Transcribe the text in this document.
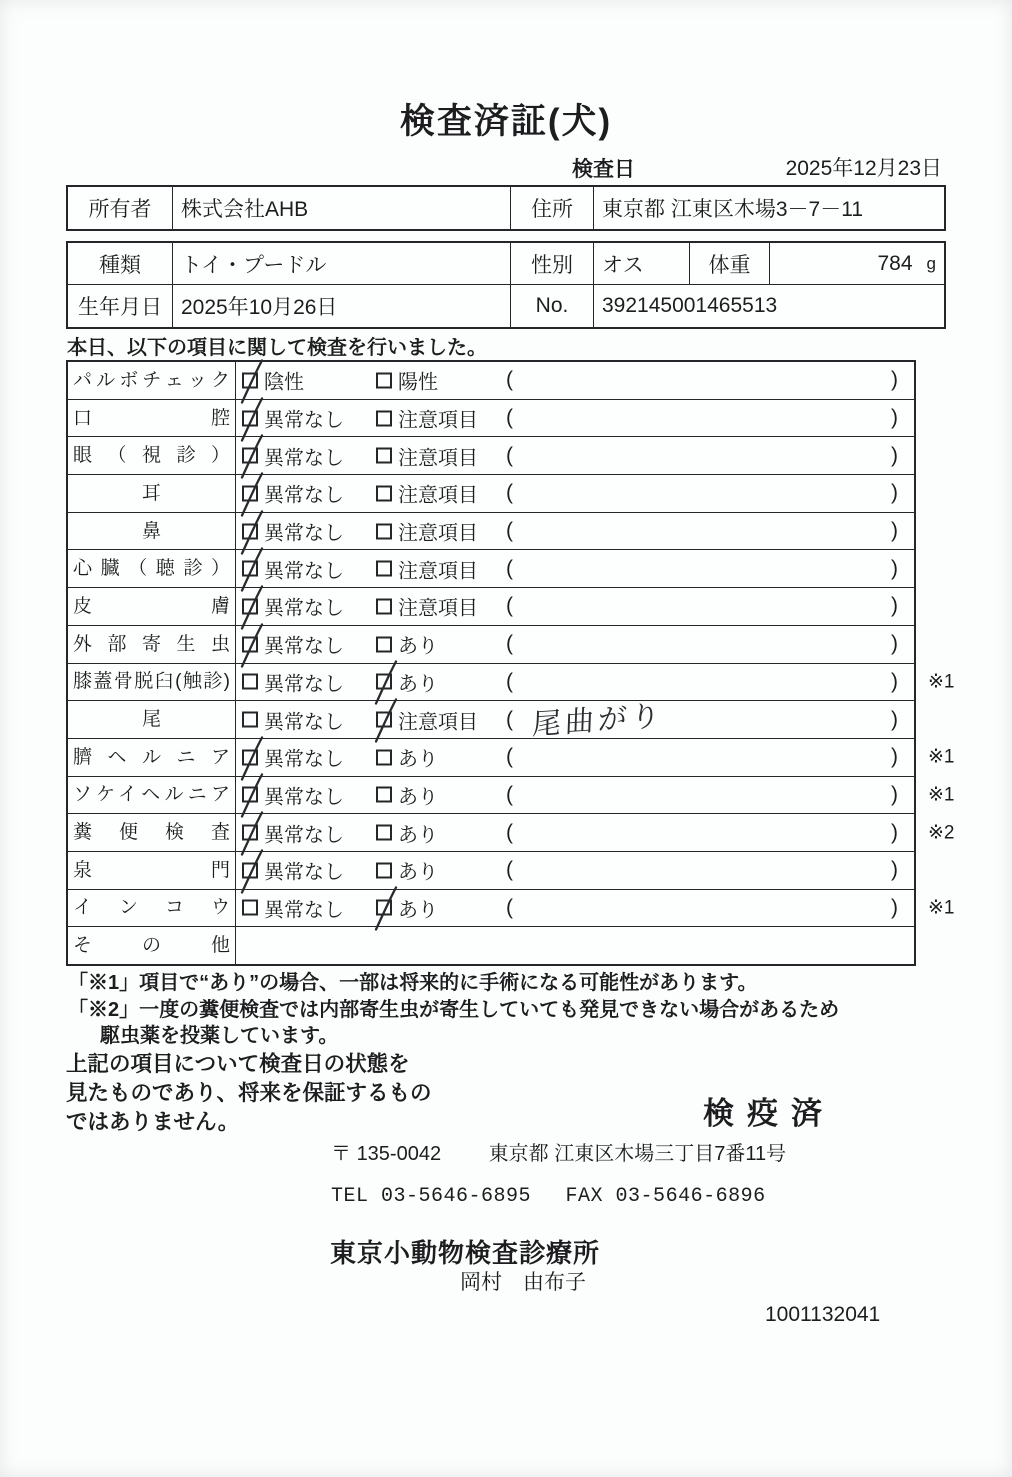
検査済証(犬)
検査日	2025年12月23日
所有者	株式会社AHB	住所	東京都 江東区木場3－7－11
種類	トイ・プードル	性別	オス	体重	784 g
生年月日 2025年10月26日	No.	392145001465513
本日、以下の項目に関して検査を行いました。
パルボチェック	陰性	陽性	(	)
口腔	異常なし	注意項目 (	)
眼（視診）	異常なし	注意項目 (	)
耳	異常なし	注意項目 (	)
鼻	異常なし	注意項目 (	)
心臓（聴診）	異常なし	注意項目 (	)
皮膚	異常なし	注意項目 (	)
外部寄生虫	異常なし	あり	(	)
膝蓋骨脱臼(触診)	異常なし	あり	(	) ※1
尾	異常なし	注意項目 ( 尾曲がり	)
臍ヘルニア	異常なし	あり	(	) ※1
ソケイヘルニア	異常なし	あり	(	) ※1
糞便検査	異常なし	あり	(	) ※2
泉門	異常なし	あり	(	)
インコウ	異常なし	あり	(	) ※1
その他
「※1」項目で“あり”の場合、一部は将来的に手術になる可能性があります。
「※2」一度の糞便検査では内部寄生虫が寄生していても発見できない場合があるため
駆虫薬を投薬しています。
上記の項目について検査日の状態を
見たものであり、将来を保証するもの
ではありません。	検疫済
〒 135-0042 東京都 江東区木場三丁目7番11号
TEL 03-5646-6895 FAX 03-5646-6896
東京小動物検査診療所
岡村　由布子
1001132041
